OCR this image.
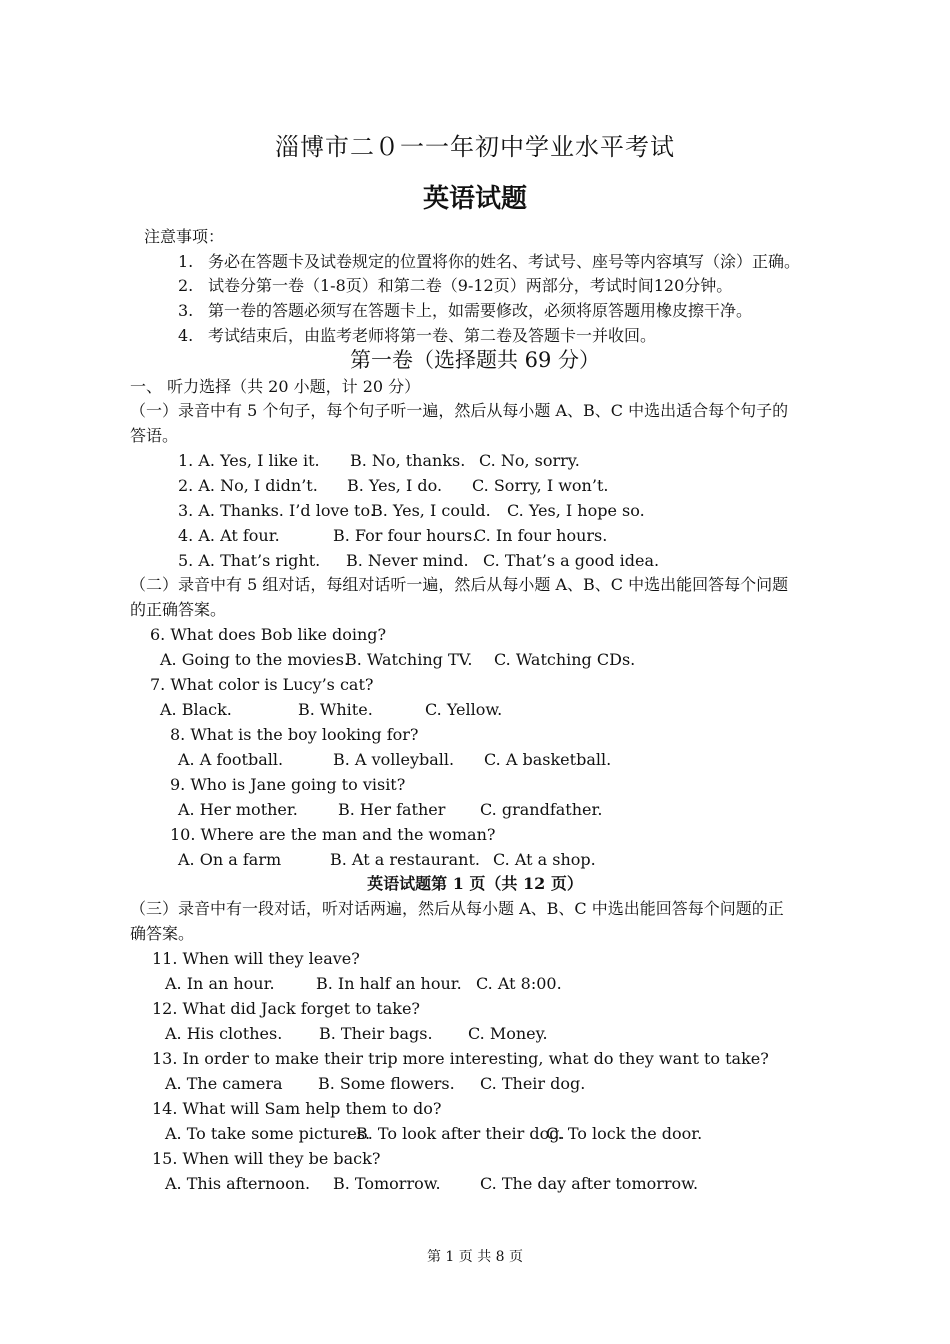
淄博市二０一一年初中学业水平考试
英语试题
注意事项：
1. 务必在答题卡及试卷规定的位置将你的姓名、考试号、座号等内容填写（涂）正确。
2. 试卷分第一卷（1-8页）和第二卷（9-12页）两部分，考试时间120分钟。
3. 第一卷的答题必须写在答题卡上，如需要修改，必须将原答题用橡皮擦干净。
4. 考试结束后，由监考老师将第一卷、第二卷及答题卡一并收回。
第一卷（选择题共 69 分）
一、 听力选择（共 20 小题，计 20 分）
（一）录音中有 5 个句子，每个句子听一遍，然后从每小题 A、B、C 中选出适合每个句子的
答语。
1. A. Yes, I like it. B. No, thanks. C. No, sorry.
2. A. No, I didn’t. B. Yes, I do. C. Sorry, I won’t.
3. A. Thanks. I’d love to.
B. Yes, I could. C. Yes, I hope so.
4. A. At four.	B. For four hours.
C. In four hours.
5. A. That’s right. B. Never mind. C. That’s a good idea.
（二）录音中有 5 组对话，每组对话听一遍，然后从每小题 A、B、C 中选出能回答每个问题
的正确答案。
6. What does Bob like doing?
A. Going to the movies.
B. Watching TV. C. Watching CDs.
7. What color is Lucy’s cat?
A. Black.	B. White.	C. Yellow.
8. What is the boy looking for?
A. A football.	B. A volleyball. C. A basketball.
9. Who is Jane going to visit?
A. Her mother.	B. Her father C. grandfather.
10. Where are the man and the woman?
A. On a farm	B. At a restaurant. C. At a shop.
英语试题第 1 页（共 12 页）
（三）录音中有一段对话，听对话两遍，然后从每小题 A、B、C 中选出能回答每个问题的正
确答案。
11. When will they leave?
A. In an hour.	B. In half an hour. C. At 8:00.
12. What did Jack forget to take?
A. His clothes. B. Their bags. C. Money.
13. In order to make their trip more interesting, what do they want to take?
A. The camera B. Some flowers. C. Their dog.
14. What will Sam help them to do?
A. To take some pictures.
B. To look after their dog.
C. To lock the door.
15. When will they be back?
A. This afternoon. B. Tomorrow. C. The day after tomorrow.
第 1 页 共 8 页
